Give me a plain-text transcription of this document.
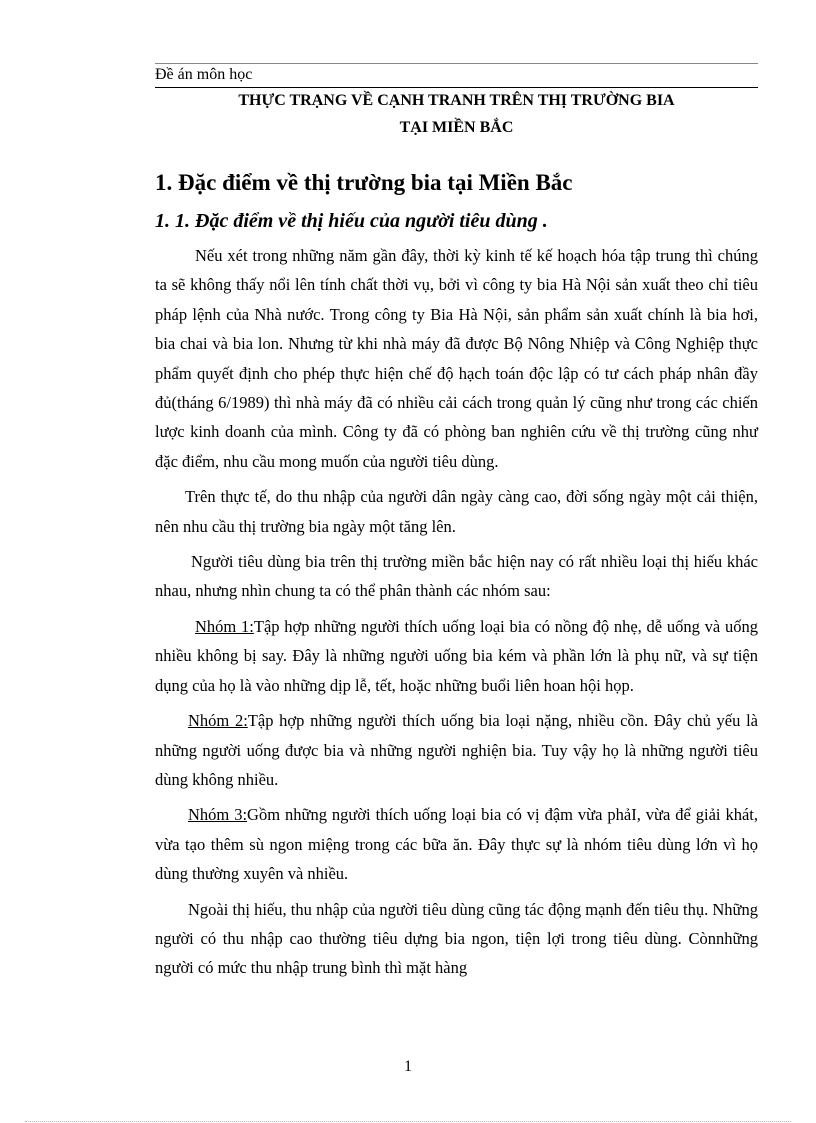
Đề án môn học
THỰC TRẠNG VỀ CẠNH TRANH TRÊN THỊ TRƯỜNG BIA
TẠI MIỀN BẮC
1. Đặc điểm về thị trường bia tại Miền Bắc
1. 1. Đặc điểm về thị hiếu của người tiêu dùng .

Nếu xét trong những năm gần đây, thời kỳ kinh tế kế hoạch hóa tập trung thì chúng ta sẽ không thấy nổi lên tính chất thời vụ, bởi vì công ty bia Hà Nội sản xuất theo chỉ tiêu pháp lệnh của Nhà nước. Trong công ty Bia Hà Nội, sản phẩm sản xuất chính là bia hơi, bia chai và bia lon. Nhưng từ khi nhà máy đã được Bộ Nông Nhiệp và Công Nghiệp thực phẩm quyết định cho phép thực hiện chế độ hạch toán độc lập có tư cách pháp nhân đầy đủ(tháng 6/1989) thì nhà máy đã có nhiều cải cách trong quản lý cũng như trong các chiến lược kinh doanh của mình. Công ty đã có phòng ban nghiên cứu về thị trường cũng như đặc điểm, nhu cầu mong muốn của người tiêu dùng.

Trên thực tế, do thu nhập của người dân ngày càng cao, đời sống ngày một cải thiện, nên nhu cầu thị trường bia ngày một tăng lên.

Người tiêu dùng bia trên thị trường miền bắc hiện nay có rất nhiều loại thị hiếu khác nhau, nhưng nhìn chung ta có thể phân thành các nhóm sau:

Nhóm 1:Tập hợp những người thích uống loại bia có nồng độ nhẹ, dễ uống và uống nhiều không bị say. Đây là những người uống bia kém và phần lớn là phụ nữ, và sự tiện dụng của họ là vào những dịp lễ, tết, hoặc những buổi liên hoan hội họp.

Nhóm 2:Tập hợp những người thích uống bia loại nặng, nhiều cồn. Đây chủ yếu là những người uống được bia và những người nghiện bia. Tuy vậy họ là những người tiêu dùng không nhiều.

Nhóm 3:Gồm những người thích uống loại bia có vị đậm vừa phảI, vừa để giải khát, vừa tạo thêm sù ngon miệng trong các bữa ăn. Đây thực sự là nhóm tiêu dùng lớn vì họ dùng thường xuyên và nhiều.

Ngoài thị hiếu, thu nhập của người tiêu dùng cũng tác động mạnh đến tiêu thụ. Những người có thu nhập cao thường tiêu dựng bia ngon, tiện lợi trong tiêu dùng. Cònnhững người có mức thu nhập trung bình thì mặt hàng

1
